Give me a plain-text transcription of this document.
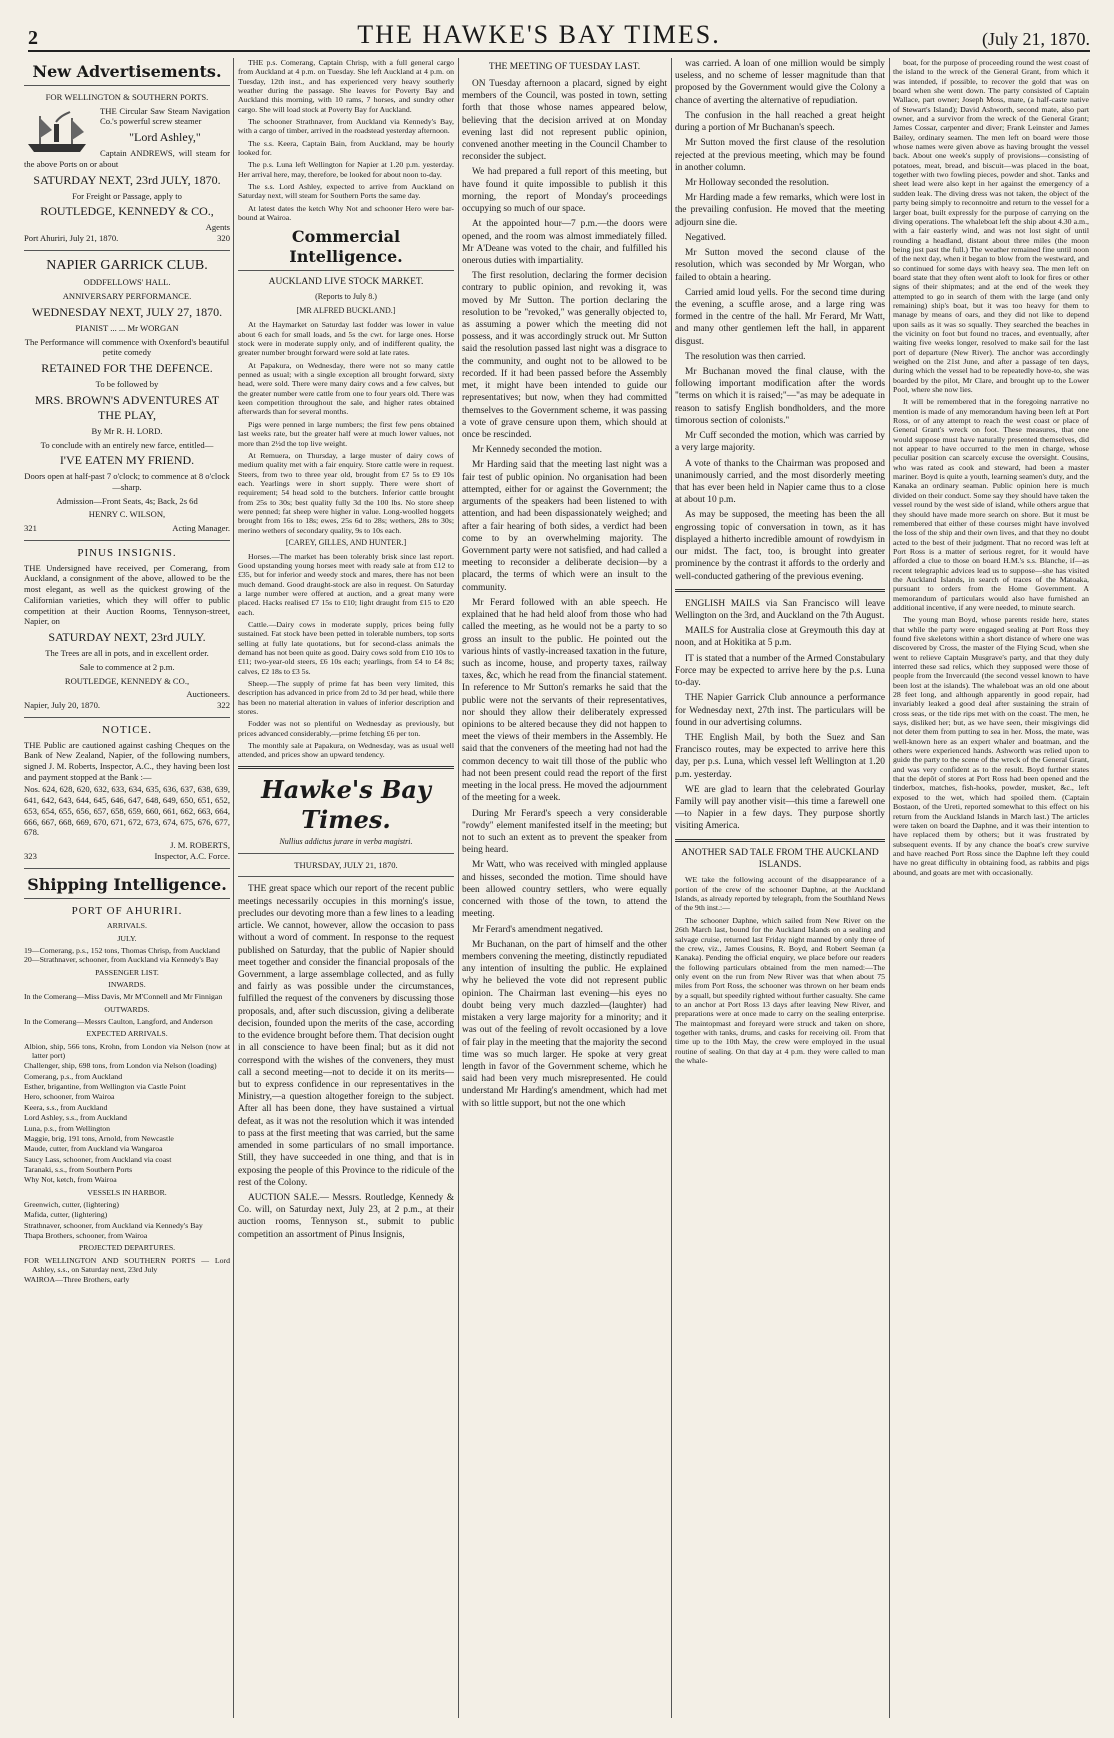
2	THE HAWKE'S BAY TIMES.	(July 21, 1870.
New Advertisements.
FOR WELLINGTON & SOUTHERN PORTS.

THE Circular Saw Steam Navigation Co.'s powerful screw steamer

"Lord Ashley,"

Captain ANDREWS, will steam for the above Ports on or about

SATURDAY NEXT, 23rd JULY, 1870.
For Freight or Passage, apply to
ROUTLEDGE, KENNEDY & CO.,
Agents
Port Ahuriri, July 21, 1870.	320
NAPIER GARRICK CLUB.
ODDFELLOWS' HALL.
ANNIVERSARY PERFORMANCE.
WEDNESDAY NEXT, JULY 27, 1870.
PIANIST ... ... Mr WORGAN

The Performance will commence with Oxenford's beautiful petite comedy

RETAINED FOR THE DEFENCE.
To be followed by
MRS. BROWN'S ADVENTURES AT THE PLAY,
By Mr R. H. LORD.

To conclude with an entirely new farce, entitled—

I'VE EATEN MY FRIEND.

Doors open at half-past 7 o'clock; to commence at 8 o'clock—sharp.

Admission—Front Seats, 4s; Back, 2s 6d
HENRY C. WILSON,
321	Acting Manager.
PINUS INSIGNIS.

THE Undersigned have received, per Comerang, from Auckland, a consignment of the above, allowed to be the most elegant, as well as the quickest growing of the Californian varieties, which they will offer to public competition at their Auction Rooms, Tennyson-street, Napier, on

SATURDAY NEXT, 23rd JULY.

The Trees are all in pots, and in excellent order.

Sale to commence at 2 p.m.
ROUTLEDGE, KENNEDY & CO.,
Auctioneers.
Napier, July 20, 1870.	322
NOTICE.

THE Public are cautioned against cashing Cheques on the Bank of New Zealand, Napier, of the following numbers, signed J. M. Roberts, Inspector, A.C., they having been lost and payment stopped at the Bank :—

Nos. 624, 628, 620, 632, 633, 634, 635, 636, 637, 638, 639, 641, 642, 643, 644, 645, 646, 647, 648, 649, 650, 651, 652, 653, 654, 655, 656, 657, 658, 659, 660, 661, 662, 663, 664, 666, 667, 668, 669, 670, 671, 672, 673, 674, 675, 676, 677, 678.

J. M. ROBERTS,
323	Inspector, A.C. Force.
Shipping Intelligence.
PORT OF AHURIRI.
ARRIVALS.
JULY.
19—Comerang, p.s., 152 tons, Thomas Chrisp, from Auckland
20—Strathnaver, schooner, from Auckland via Kennedy's Bay
PASSENGER LIST.
INWARDS.
In the Comerang—Miss Davis, Mr M'Connell and Mr Finnigan
OUTWARDS.
In the Comerang—Messrs Caulton, Langford, and Anderson
EXPECTED ARRIVALS.
Albion, ship, 566 tons, Krohn, from London via Nelson (now at latter port)
Challenger, ship, 698 tons, from London via Nelson (loading)
Comerang, p.s., from Auckland
Esther, brigantine, from Wellington via Castle Point
Hero, schooner, from Wairoa
Keera, s.s., from Auckland
Lord Ashley, s.s., from Auckland
Luna, p.s., from Wellington
Maggie, brig, 191 tons, Arnold, from Newcastle
Maude, cutter, from Auckland via Wangaroa
Saucy Lass, schooner, from Auckland via coast
Taranaki, s.s., from Southern Ports
Why Not, ketch, from Wairoa
VESSELS IN HARBOR.
Greenwich, cutter, (lightering)
Mafida, cutter, (lightering)
Strathnaver, schooner, from Auckland via Kennedy's Bay
Thapa Brothers, schooner, from Wairoa
PROJECTED DEPARTURES.
FOR WELLINGTON AND SOUTHERN PORTS — Lord Ashley, s.s., on Saturday next, 23rd July
WAIROA—Three Brothers, early

THE p.s. Comerang, Captain Chrisp, with a full general cargo from Auckland at 4 p.m. on Tuesday. She left Auckland at 4 p.m. on Tuesday, 12th inst., and has experienced very heavy southerly weather during the passage. She leaves for Poverty Bay and Auckland this morning, with 10 rams, 7 horses, and sundry other cargo. She will load stock at Poverty Bay for Auckland.

The schooner Strathnaver, from Auckland via Kennedy's Bay, with a cargo of timber, arrived in the roadstead yesterday afternoon.

The s.s. Keera, Captain Bain, from Auckland, may be hourly looked for.

The p.s. Luna left Wellington for Napier at 1.20 p.m. yesterday. Her arrival here, may, therefore, be looked for about noon to-day.

The s.s. Lord Ashley, expected to arrive from Auckland on Saturday next, will steam for Southern Ports the same day.

At latest dates the ketch Why Not and schooner Hero were bar-bound at Wairoa.

Commercial Intelligence.
AUCKLAND LIVE STOCK MARKET.
(Reports to July 8.)
[MR ALFRED BUCKLAND.]

At the Haymarket on Saturday last fodder was lower in value about 6 each for small loads, and 5s the cwt. for large ones. Horse stock were in moderate supply only, and of indifferent quality, the greater number brought forward were sold at late rates.

At Papakura, on Wednesday, there were not so many cattle penned as usual; with a single exception all brought forward, sixty head, were sold. There were many dairy cows and a few calves, but the greater number were cattle from one to four years old. There was keen competition throughout the sale, and higher rates obtained afterwards than for several months.

Pigs were penned in large numbers; the first few pens obtained last weeks rate, but the greater half were at much lower values, not more than 2½d the top live weight.

At Remuera, on Thursday, a large muster of dairy cows of medium quality met with a fair enquiry. Store cattle were in request. Steers, from two to three year old, brought from £7 5s to £9 10s each. Yearlings were in short supply. There were short of requirement; 54 head sold to the butchers. Inferior cattle brought from 25s to 30s; best quality fully 3d the 100 lbs. No store sheep were penned; fat sheep were higher in value. Long-woolled hoggets brought from 16s to 18s; ewes, 25s 6d to 28s; wethers, 28s to 30s; merino wethers of secondary quality, 9s to 10s each.

[CAREY, GILLES, AND HUNTER.]

Horses.—The market has been tolerably brisk since last report. Good upstanding young horses meet with ready sale at from £12 to £35, but for inferior and weedy stock and mares, there has not been much demand. Good draught-stock are also in request. On Saturday a large number were offered at auction, and a great many were placed. Hacks realised £7 15s to £10; light draught from £15 to £20 each.

Cattle.—Dairy cows in moderate supply, prices being fully sustained. Fat stock have been petted in tolerable numbers, top sorts selling at fully late quotations, but for second-class animals the demand has not been quite as good. Dairy cows sold from £10 10s to £11; two-year-old steers, £6 10s each; yearlings, from £4 to £4 8s; calves, £2 18s to £3 5s.

Sheep.—The supply of prime fat has been very limited, this description has advanced in price from 2d to 3d per head, while there has been no material alteration in values of inferior description and stores.

Fodder was not so plentiful on Wednesday as previously, but prices advanced considerably,—prime fetching £6 per ton.

The monthly sale at Papakura, on Wednesday, was as usual well attended, and prices show an upward tendency.

Hawke's Bay Times.
Nullius addictus jurare in verba magistri.
THURSDAY, JULY 21, 1870.

THE great space which our report of the recent public meetings necessarily occupies in this morning's issue, precludes our devoting more than a few lines to a leading article. We cannot, however, allow the occasion to pass without a word of comment. In response to the request published on Saturday, that the public of Napier should meet together and consider the financial proposals of the Government, a large assemblage collected, and as fully and fairly as was possible under the circumstances, fulfilled the request of the conveners by discussing those proposals, and, after such discussion, giving a deliberate decision, founded upon the merits of the case, according to the evidence brought before them. That decision ought in all conscience to have been final; but as it did not correspond with the wishes of the conveners, they must call a second meeting—not to decide it on its merits—but to express confidence in our representatives in the Ministry,—a question altogether foreign to the subject. After all has been done, they have sustained a virtual defeat, as it was not the resolution which it was intended to pass at the first meeting that was carried, but the same amended in some particulars of no small importance. Still, they have succeeded in one thing, and that is in exposing the people of this Province to the ridicule of the rest of the Colony.

AUCTION SALE.— Messrs. Routledge, Kennedy & Co. will, on Saturday next, July 23, at 2 p.m., at their auction rooms, Tennyson st., submit to public competition an assortment of Pinus Insignis,

THE MEETING OF TUESDAY LAST.

ON Tuesday afternoon a placard, signed by eight members of the Council, was posted in town, setting forth that those whose names appeared below, believing that the decision arrived at on Monday evening last did not represent public opinion, convened another meeting in the Council Chamber to reconsider the subject.

We had prepared a full report of this meeting, but have found it quite impossible to publish it this morning, the report of Monday's proceedings occupying so much of our space.

At the appointed hour—7 p.m.—the doors were opened, and the room was almost immediately filled. Mr A'Deane was voted to the chair, and fulfilled his onerous duties with impartiality.

The first resolution, declaring the former decision contrary to public opinion, and revoking it, was moved by Mr Sutton. The portion declaring the resolution to be "revoked," was generally objected to, as assuming a power which the meeting did not possess, and it was accordingly struck out. Mr Sutton said the resolution passed last night was a disgrace to the community, and ought not to be allowed to be recorded. If it had been passed before the Assembly met, it might have been intended to guide our representatives; but now, when they had committed themselves to the Government scheme, it was passing a vote of grave censure upon them, which should at once be rescinded.

Mr Kennedy seconded the motion.

Mr Harding said that the meeting last night was a fair test of public opinion. No organisation had been attempted, either for or against the Government; the arguments of the speakers had been listened to with attention, and had been dispassionately weighed; and after a fair hearing of both sides, a verdict had been come to by an overwhelming majority. The Government party were not satisfied, and had called a meeting to reconsider a deliberate decision—by a placard, the terms of which were an insult to the community.

Mr Ferard followed with an able speech. He explained that he had held aloof from those who had called the meeting, as he would not be a party to so gross an insult to the public. He pointed out the various hints of vastly-increased taxation in the future, such as income, house, and property taxes, railway taxes, &c, which he read from the financial statement. In reference to Mr Sutton's remarks he said that the public were not the servants of their representatives, nor should they allow their deliberately expressed opinions to be altered because they did not happen to meet the views of their members in the Assembly. He said that the conveners of the meeting had not had the common decency to wait till those of the public who had not been present could read the report of the first meeting in the local press. He moved the adjournment of the meeting for a week.

During Mr Ferard's speech a very considerable "rowdy" element manifested itself in the meeting; but not to such an extent as to prevent the speaker from being heard.

Mr Watt, who was received with mingled applause and hisses, seconded the motion. Time should have been allowed country settlers, who were equally concerned with those of the town, to attend the meeting.

Mr Ferard's amendment negatived.

Mr Buchanan, on the part of himself and the other members convening the meeting, distinctly repudiated any intention of insulting the public. He explained why he believed the vote did not represent public opinion. The Chairman last evening—his eyes no doubt being very much dazzled—(laughter) had mistaken a very large majority for a minority; and it was out of the feeling of revolt occasioned by a love of fair play in the meeting that the majority the second time was so much larger. He spoke at very great length in favor of the Government scheme, which he said had been very much misrepresented. He could understand Mr Harding's amendment, which had met with so little support, but not the one which

was carried. A loan of one million would be simply useless, and no scheme of lesser magnitude than that proposed by the Government would give the Colony a chance of averting the alternative of repudiation.

The confusion in the hall reached a great height during a portion of Mr Buchanan's speech.

Mr Sutton moved the first clause of the resolution rejected at the previous meeting, which may be found in another column.

Mr Holloway seconded the resolution.

Mr Harding made a few remarks, which were lost in the prevailing confusion. He moved that the meeting adjourn sine die.

Negatived.

Mr Sutton moved the second clause of the resolution, which was seconded by Mr Worgan, who failed to obtain a hearing.

Carried amid loud yells. For the second time during the evening, a scuffle arose, and a large ring was formed in the centre of the hall. Mr Ferard, Mr Watt, and many other gentlemen left the hall, in apparent disgust.

The resolution was then carried.

Mr Buchanan moved the final clause, with the following important modification after the words "terms on which it is raised;"—"as may be adequate in reason to satisfy English bondholders, and the more timorous section of colonists."

Mr Cuff seconded the motion, which was carried by a very large majority.

A vote of thanks to the Chairman was proposed and unanimously carried, and the most disorderly meeting that has ever been held in Napier came thus to a close at about 10 p.m.

As may be supposed, the meeting has been the all engrossing topic of conversation in town, as it has displayed a hitherto incredible amount of rowdyism in our midst. The fact, too, is brought into greater prominence by the contrast it affords to the orderly and well-conducted gathering of the previous evening.

ENGLISH MAILS via San Francisco will leave Wellington on the 3rd, and Auckland on the 7th August.

MAILS for Australia close at Greymouth this day at noon, and at Hokitika at 5 p.m.

IT is stated that a number of the Armed Constabulary Force may be expected to arrive here by the p.s. Luna to-day.

THE Napier Garrick Club announce a performance for Wednesday next, 27th inst. The particulars will be found in our advertising columns.

THE English Mail, by both the Suez and San Francisco routes, may be expected to arrive here this day, per p.s. Luna, which vessel left Wellington at 1.20 p.m. yesterday.

WE are glad to learn that the celebrated Gourlay Family will pay another visit—this time a farewell one—to Napier in a few days. They purpose shortly visiting America.

ANOTHER SAD TALE FROM THE AUCKLAND ISLANDS.

WE take the following account of the disappearance of a portion of the crew of the schooner Daphne, at the Auckland Islands, as already reported by telegraph, from the Southland News of the 9th inst.:—

The schooner Daphne, which sailed from New River on the 26th March last, bound for the Auckland Islands on a sealing and salvage cruise, returned last Friday night manned by only three of the crew, viz., James Cousins, R. Boyd, and Robert Seeman (a Kanaka). Pending the official enquiry, we place before our readers the following particulars obtained from the men named:—The only event on the run from New River was that when about 75 miles from Port Ross, the schooner was thrown on her beam ends by a squall, but speedily righted without further casualty. She came to an anchor at Port Ross 13 days after leaving New River, and preparations were at once made to carry on the sealing enterprise. The maintopmast and foreyard were struck and taken on shore, together with tanks, drums, and casks for receiving oil. From that time up to the 10th May, the crew were employed in the usual routine of sealing. On that day at 4 p.m. they were called to man the whale-

boat, for the purpose of proceeding round the west coast of the island to the wreck of the General Grant, from which it was intended, if possible, to recover the gold that was on board when she went down. The party consisted of Captain Wallace, part owner; Joseph Moss, mate, (a half-caste native of Stewart's Island); David Ashworth, second mate, also part owner, and a survivor from the wreck of the General Grant; James Cossar, carpenter and diver; Frank Leinster and James Bailey, ordinary seamen. The men left on board were those whose names were given above as having brought the vessel back. About one week's supply of provisions—consisting of potatoes, meat, bread, and biscuit—was placed in the boat, together with two fowling pieces, powder and shot. Tanks and sheet lead were also kept in her against the emergency of a sudden leak. The diving dress was not taken, the object of the party being simply to reconnoitre and return to the vessel for a larger boat, built expressly for the purpose of carrying on the diving operations. The whaleboat left the ship about 4.30 a.m., with a fair easterly wind, and was not lost sight of until rounding a headland, distant about three miles (the moon being just past the full.) The weather remained fine until noon of the next day, when it began to blow from the westward, and so continued for some days with heavy sea. The men left on board state that they often went aloft to look for fires or other signs of their shipmates; and at the end of the week they attempted to go in search of them with the large (and only remaining) ship's boat, but it was too heavy for them to manage by means of oars, and they did not like to depend upon sails as it was so squally. They searched the beaches in the vicinity on foot but found no traces, and eventually, after waiting five weeks longer, resolved to make sail for the last port of departure (New River). The anchor was accordingly weighed on the 21st June, and after a passage of ten days, during which the vessel had to be repeatedly hove-to, she was boarded by the pilot, Mr Clare, and brought up to the Lower Pool, where she now lies.

It will be remembered that in the foregoing narrative no mention is made of any memorandum having been left at Port Ross, or of any attempt to reach the west coast or place of General Grant's wreck on foot. These measures, that one would suppose must have naturally presented themselves, did not appear to have occurred to the men in charge, whose peculiar position can scarcely excuse the oversight. Cousins, who was rated as cook and steward, had been a master mariner. Boyd is quite a youth, learning seamen's duty, and the Kanaka an ordinary seaman. Public opinion here is much divided on their conduct. Some say they should have taken the vessel round by the west side of island, while others argue that they should have made more search on shore. But it must be remembered that either of these courses might have involved the loss of the ship and their own lives, and that they no doubt acted to the best of their judgment. That no record was left at Port Ross is a matter of serious regret, for it would have afforded a clue to those on board H.M.'s s.s. Blanche, if—as recent telegraphic advices lead us to suppose—she has visited the Auckland Islands, in search of traces of the Matoaka, pursuant to orders from the Home Government. A memorandum of particulars would also have furnished an additional incentive, if any were needed, to minute search.

The young man Boyd, whose parents reside here, states that while the party were engaged sealing at Port Ross they found five skeletons within a short distance of where one was discovered by Cross, the master of the Flying Scud, when she went to relieve Captain Musgrave's party, and that they duly interred these sad relics, which they supposed were those of people from the Invercauld (the second vessel known to have been lost at the islands). The whaleboat was an old one about 28 feet long, and although apparently in good repair, had invariably leaked a good deal after sustaining the strain of cross seas, or the tide rips met with on the coast. The men, he says, disliked her; but, as we have seen, their misgivings did not deter them from putting to sea in her. Moss, the mate, was well-known here as an expert whaler and boatman, and the others were experienced hands. Ashworth was relied upon to guide the party to the scene of the wreck of the General Grant, and was very confident as to the result. Boyd further states that the depôt of stores at Port Ross had been opened and the tinderbox, matches, fish-hooks, powder, musket, &c., left exposed to the wet, which had spoiled them. (Captain Bostaon, of the Ureti, reported somewhat to this effect on his return from the Auckland Islands in March last.) The articles were taken on board the Daphne, and it was their intention to have replaced them by others; but it was frustrated by subsequent events. If by any chance the boat's crew survive and have reached Port Ross since the Daphne left they could have no great difficulty in obtaining food, as rabbits and pigs abound, and goats are met with occasionally.
